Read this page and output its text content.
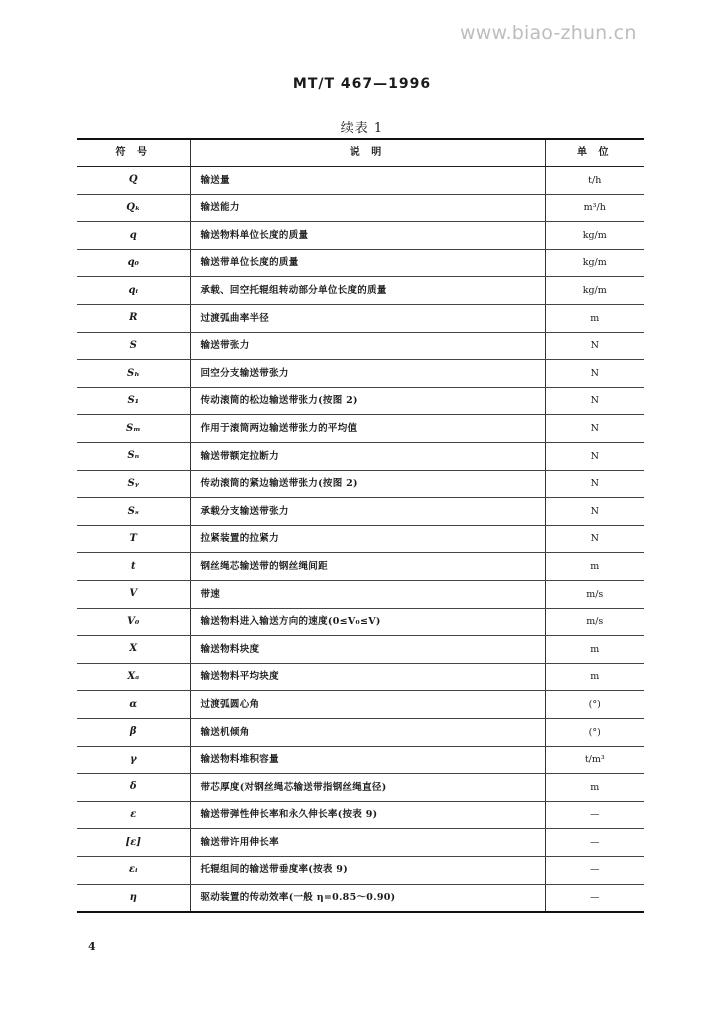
www.biao-zhun.cn
MT/T 467—1996
续表 1
符 号	说 明	单 位
Q	输送量	t/h
Qₖ	输送能力	m³/h
q	输送物料单位长度的质量	kg/m
q₀	输送带单位长度的质量	kg/m
qᵢ	承载、回空托辊组转动部分单位长度的质量	kg/m
R	过渡弧曲率半径	m
S	输送带张力	N
Sₕ	回空分支输送带张力	N
S₁	传动滚筒的松边输送带张力(按图 2)	N
Sₘ	作用于滚筒两边输送带张力的平均值	N
Sₙ	输送带额定拉断力	N
Sᵧ	传动滚筒的紧边输送带张力(按图 2)	N
Sₛ	承载分支输送带张力	N
T	拉紧装置的拉紧力	N
t	钢丝绳芯输送带的钢丝绳间距	m
V	带速	m/s
V₀	输送物料进入输送方向的速度(0≤V₀≤V)	m/s
X	输送物料块度	m
Xₐ	输送物料平均块度	m
α	过渡弧圆心角	(°)
β	输送机倾角	(°)
γ	输送物料堆积容量	t/m³
δ	带芯厚度(对钢丝绳芯输送带指钢丝绳直径)	m
ε	输送带弹性伸长率和永久伸长率(按表 9)	—
[ε]	输送带许用伸长率	—
εᵢ	托辊组间的输送带垂度率(按表 9)	—
η	驱动装置的传动效率(一般 η=0.85～0.90)	—
4
